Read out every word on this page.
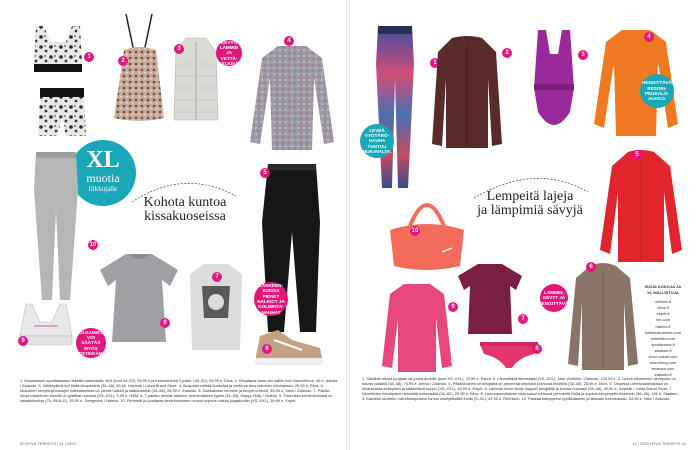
1
2
3
KEVYT, LÄMMIN JA VETTÄ-HYLKIVÄ.
4
XL
muotia
liikkujalle
Kohota kuntoa
kissakuoseissa
10
9
OLKAIMET VOI SÄÄTÄÄ MYÖS RISTIKKÄIN.
8
7
5
LAHKEEN-SUISSA PIENET HALKIOT JA KOLMINTA-NAUHAT
6
1. Kissanaisen sporttialusasu tekstiili-materiaalia: liivit (koot 34–52), 25,95 e ja treenishortsit 2-paikk. (34–52), 29,95 e, Ellos. 2. Kimaltava kassi niin saliile kuin illanviettoon, 45 e, Adidas / Zalando. 3. Vettähylkivä liivi pitää lämpimänä (34–48), 59,90, Icepeak / Luhta Brand Store. 4. Aluspaita virittää kuntoilua ja sinää on aina tekninen kävelykaan, 25,95 e, Ellos. 5. Mukavien verryttelyhousujen kaitealammas on pienet halkiot ja säätönauhat (34–56), 25,95 e, Zalando. 6. Nahkatossu lemmiin ja kevyet urheilut, 89,95 e, Vans / Zalando. 7. Paidan kevyt naisellinen tekstiili on grafiikan kanssa (XS–XXL), 9,99 e, H&M. 8. T-paidan helmat rakenne treenimäiseen tyyliin (34–54), Happy Holly / Halens. 9. Tukevissa urheiluliiveissä on hakaskiinnitys (70–95/A–E), 39,90 e, Swegmark / Halens. 10. Pehmeät ja joustavat stretchinkoinen housut sopivat vaikka joogatuntiin (XS–XXL), 39,99 e, Esprit.
60 HYVÄ TERVEYS | 11 | 2020
1
LEVEÄ VYÖTÄRÖ-NAUHA TUNTUU MUKAVALTA.
2	3
4
HENGITTÄVÄ RESORI-PEUKALO-AUKKO.
5
Lempeitä lajeja
ja lämpimiä sävyjä
10
9
7
8
LÄMMIN, KEVYT JA HENGITTÄVÄ.
6
ISOJA KOKOJA JA
XL MALLISTOJA
celldes.fi
ellos.fi
esprit.fi
hm.com
halens.fi
luhtabrandstore.com
nelliettila.com
sportamore.fi
stadium.fi
store.casall.com
stormberg.com
tenanca.com
zalando.fi
1. Sähäkät trikoot joogaan tai juoksulenkille (koot XS–XXL), 29,99 e, Esprit. 2. Lämmittävä fleecetakki (XS–XXL), Jack Wolfskin / Zalando, 129,95 e. 3. Leveä olkaiminen uimapuku on kaunis pääällä (38–48), 74,95 e, Arena / Zalando. 4. Pitkähihainen urheilupaita on pehmeää nepeasti kuivuvaa tekstiilia (38–48), 26,95 e, Ellos. 5. Ohuessa urheilusadetakissa on hihansuissa kiristykset ja säädettävä huppu (XS–XXL), 49,99 e, Esprit. 6. Lämmin neule kevyt huppari hengittää ja kuivaa nopeasti (36–48), 59,90 e, Icepeak / Luhta Brand Store. 7. Neonliivien trendipanen tekniistä materiaalia (34–60), 25,95 e, Ellos. 8. Luomupuuvillainen alushousut tuntuvat pehmeiltä iholla ja sopivat kevyempiin liikkeisiin (36–46), 190 e, Stadium. 9. Kauniisti kuviteltu mikrokuitupusero tuntuu miellyttävältä iholla (S–XL), 44,95 e, Röhnisch. 10. Pakkaa kamppeesi tyylikkääseen ja tilavaan treenikassiin, 54,95 e, Nike / Zalando.
11 | 2020 HYVÄ TERVEYS 61
